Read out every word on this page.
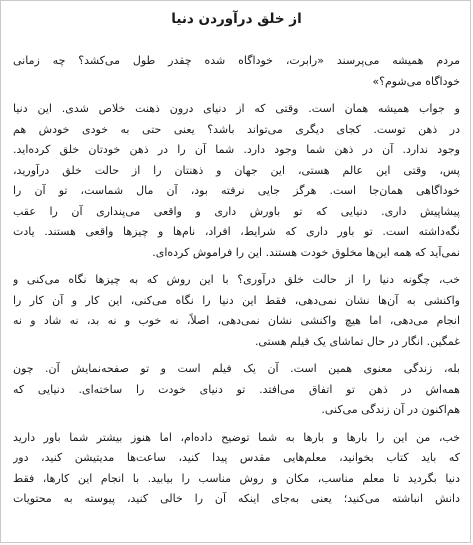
از خلق درآوردن دنیا
مردم همیشه می‌پرسند «رابرت، خوداگاه شده چقدر طول می‌کشد؟ چه زمانی
خوداگاه می‌شوم؟»
و جواب همیشه همان است. وقتی که از دنیای درون ذهنت خلاص شدی. این دنیا
در ذهن توست. کجای دیگری می‌تواند باشد؟ یعنی حتی به خودی خودش هم
وجود ندارد. آن در ذهن شما وجود دارد. شما آن را در ذهن خودتان خلق کرده‌اید.
پس، وقتی این عالم هستی، این جهان و ذهنتان را از حالت خلق درآورید،
خوداگاهی همان‌جا است. هرگز جایی نرفته بود، آن مال شماست، تو آن را
پیشاپیش داری. دنیایی که تو باورش داری و واقعی می‌پنداری آن را عقب
نگه‌داشته است. تو باور داری که شرایط، افراد، نام‌ها و چیزها واقعی هستند. یادت
نمی‌آید که همه این‌ها مخلوق خودت هستند. این را فراموش کرده‌ای.
خب، چگونه دنیا را از حالت خلق درآوری؟ با این روش که به چیزها نگاه می‌کنی و
واکنشی به آن‌ها نشان نمی‌دهی، فقط این دنیا را نگاه می‌کنی، این کار و آن کار را
انجام می‌دهی، اما هیچ واکنشی نشان نمی‌دهی، اصلاً، نه خوب و نه بد، نه شاد و نه
غمگین. انگار در حال تماشای یک فیلم هستی.
بله، زندگی معنوی همین است. آن یک فیلم است و تو صفحه‌نمایش آن. چون
همه‌اش در ذهن تو اتفاق می‌افتد. تو دنیای خودت را ساخته‌ای. دنیایی که
هم‌اکنون در آن زندگی می‌کنی.
خب، من این را بارها و بارها به شما توضیح داده‌ام، اما هنوز بیشتر شما باور دارید
که باید کتاب بخوانید، معلم‌هایی مقدس پیدا کنید، ساعت‌ها مدیتیشن کنید، دور
دنیا بگردید تا معلم مناسب، مکان و روش مناسب را بیابید. با انجام این کارها، فقط
دانش انباشته می‌کنید؛ یعنی به‌جای اینکه آن را خالی کنید، پیوسته به محتویات
